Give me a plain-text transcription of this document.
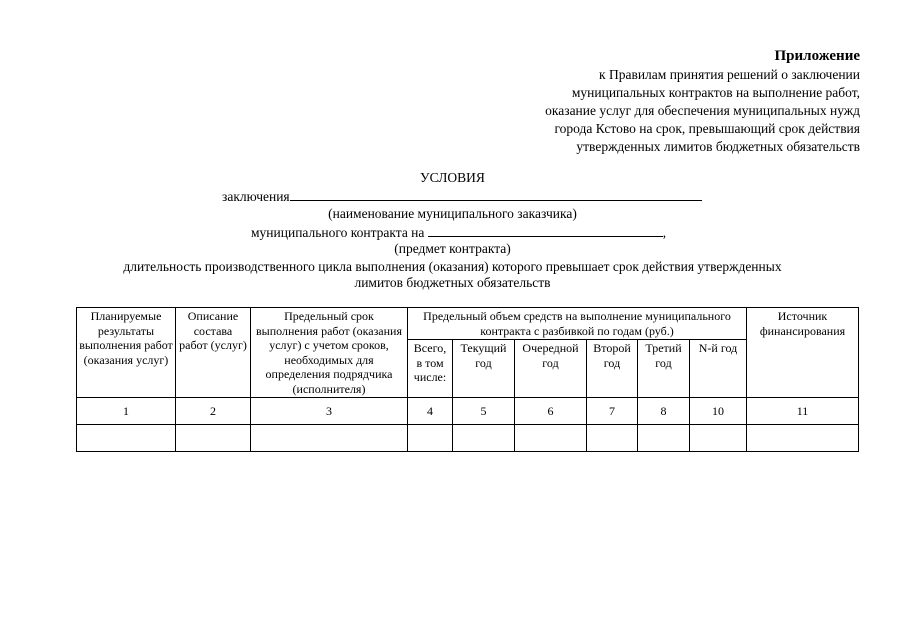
Приложение
к Правилам принятия решений о заключении
муниципальных контрактов на выполнение работ,
оказание услуг для обеспечения муниципальных нужд
города Кстово на срок, превышающий срок действия
утвержденных лимитов бюджетных обязательств
УСЛОВИЯ
заключения
(наименование муниципального заказчика)
муниципального контракта на	,
(предмет контракта)
длительность производственного цикла выполнения (оказания) которого превышает срок действия утвержденных
лимитов бюджетных обязательств
Планируемые результаты выполнения работ (оказания услуг)	Описание состава работ (услуг)	Предельный срок выполнения работ (оказания услуг) с учетом сроков, необходимых для определения подрядчика (исполнителя)	Предельный объем средств на выполнение муниципального контракта с разбивкой по годам (руб.)						Источник финансирования
			Всего, в том числе:	Текущий год	Очередной год	Второй год	Третий год	N-й год	
1	2	3	4	5	6	7	8	10	11
